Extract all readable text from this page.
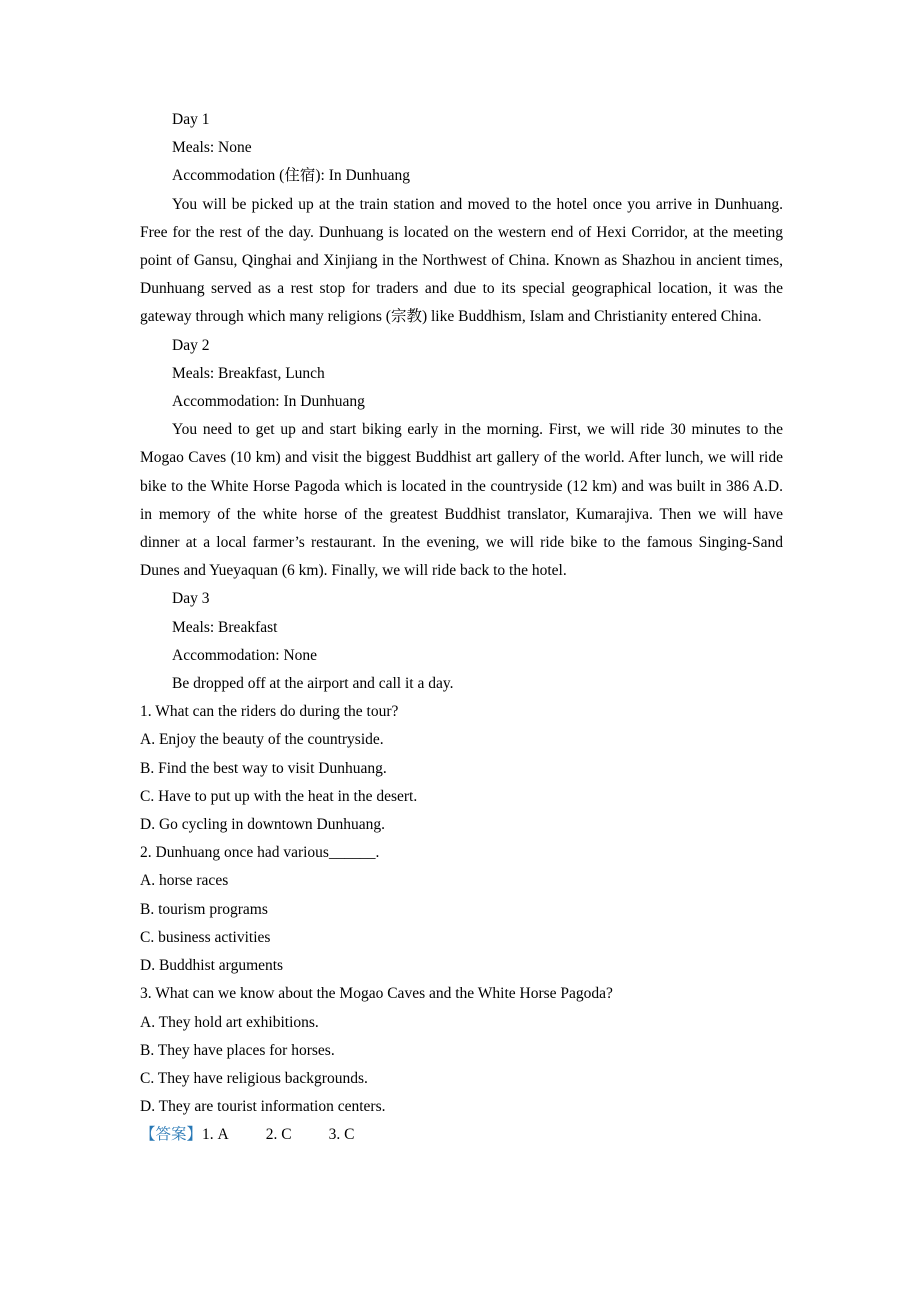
Day 1

Meals: None

Accommodation (住宿): In Dunhuang

You will be picked up at the train station and moved to the hotel once you arrive in Dunhuang. Free for the rest of the day. Dunhuang is located on the western end of Hexi Corridor, at the meeting point of Gansu, Qinghai and Xinjiang in the Northwest of China. Known as Shazhou in ancient times, Dunhuang served as a rest stop for traders and due to its special geographical location, it was the gateway through which many religions (宗教) like Buddhism, Islam and Christianity entered China.

Day 2

Meals: Breakfast, Lunch

Accommodation: In Dunhuang

You need to get up and start biking early in the morning. First, we will ride 30 minutes to the Mogao Caves (10 km) and visit the biggest Buddhist art gallery of the world. After lunch, we will ride bike to the White Horse Pagoda which is located in the countryside (12 km) and was built in 386 A.D. in memory of the white horse of the greatest Buddhist translator, Kumarajiva. Then we will have dinner at a local farmer’s restaurant. In the evening, we will ride bike to the famous Singing-Sand Dunes and Yueyaquan (6 km). Finally, we will ride back to the hotel.

Day 3

Meals: Breakfast

Accommodation: None

Be dropped off at the airport and call it a day.

1. What can the riders do during the tour?

A. Enjoy the beauty of the countryside.

B. Find the best way to visit Dunhuang.

C. Have to put up with the heat in the desert.

D. Go cycling in downtown Dunhuang.

2. Dunhuang once had various______.

A. horse races

B. tourism programs

C. business activities

D. Buddhist arguments

3. What can we know about the Mogao Caves and the White Horse Pagoda?

A. They hold art exhibitions.

B. They have places for horses.

C. They have religious backgrounds.

D. They are tourist information centers.

【答案】1. A 2. C 3. C
